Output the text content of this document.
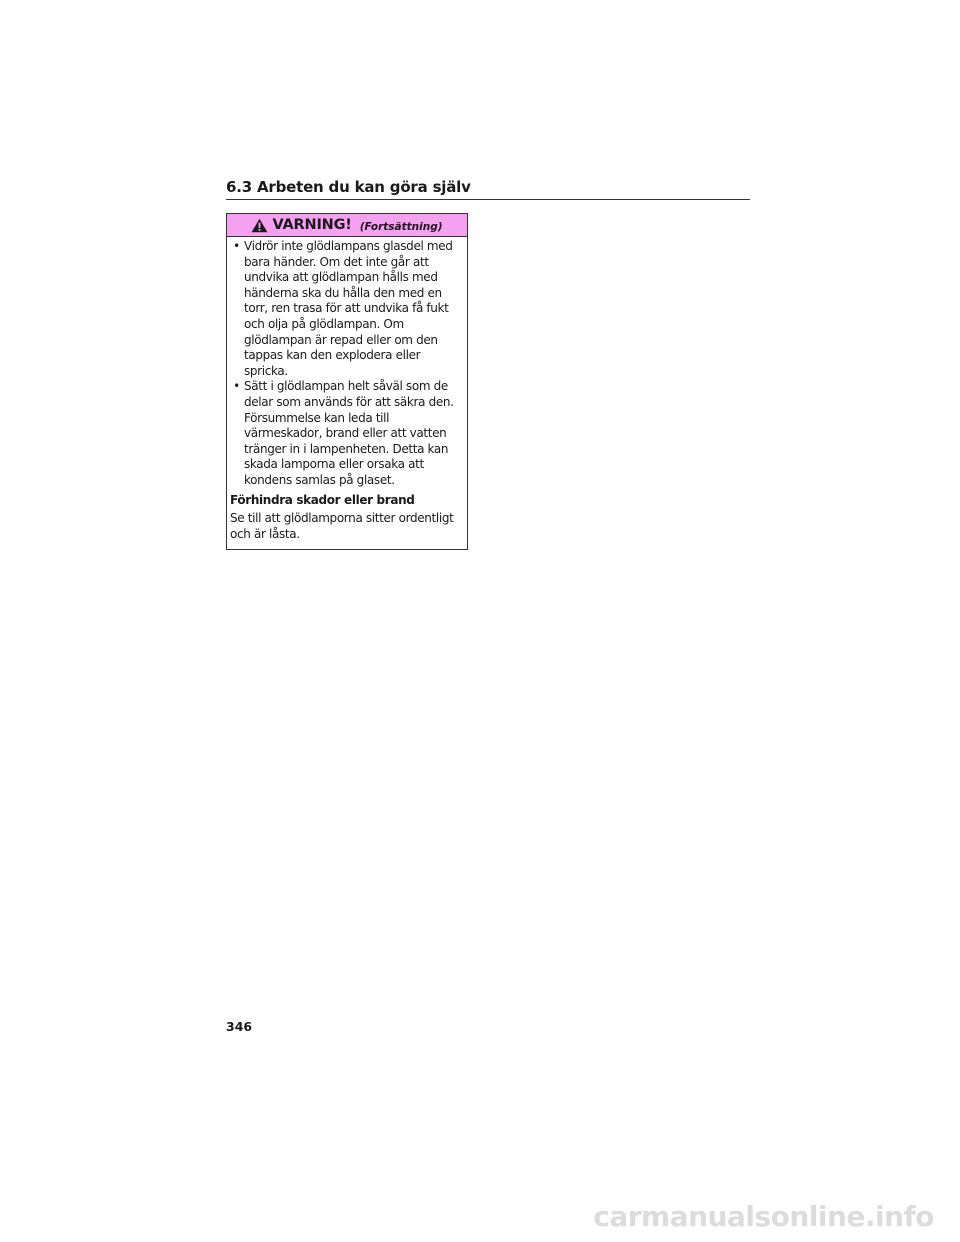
6.3 Arbeten du kan göra själv
VARNING! (Fortsättning)
• Vidrör inte glödlampans glasdel med bara händer. Om det inte går att undvika att glödlampan hålls med händerna ska du hålla den med en torr, ren trasa för att undvika få fukt och olja på glödlampan. Om glödlampan är repad eller om den tappas kan den explodera eller spricka.
• Sätt i glödlampan helt såväl som de delar som används för att säkra den. Försummelse kan leda till värmeskador, brand eller att vatten tränger in i lampenheten. Detta kan skada lamporna eller orsaka att kondens samlas på glaset.
Förhindra skador eller brand
Se till att glödlamporna sitter ordentligt och är låsta.
346
carmanualsonline.info
